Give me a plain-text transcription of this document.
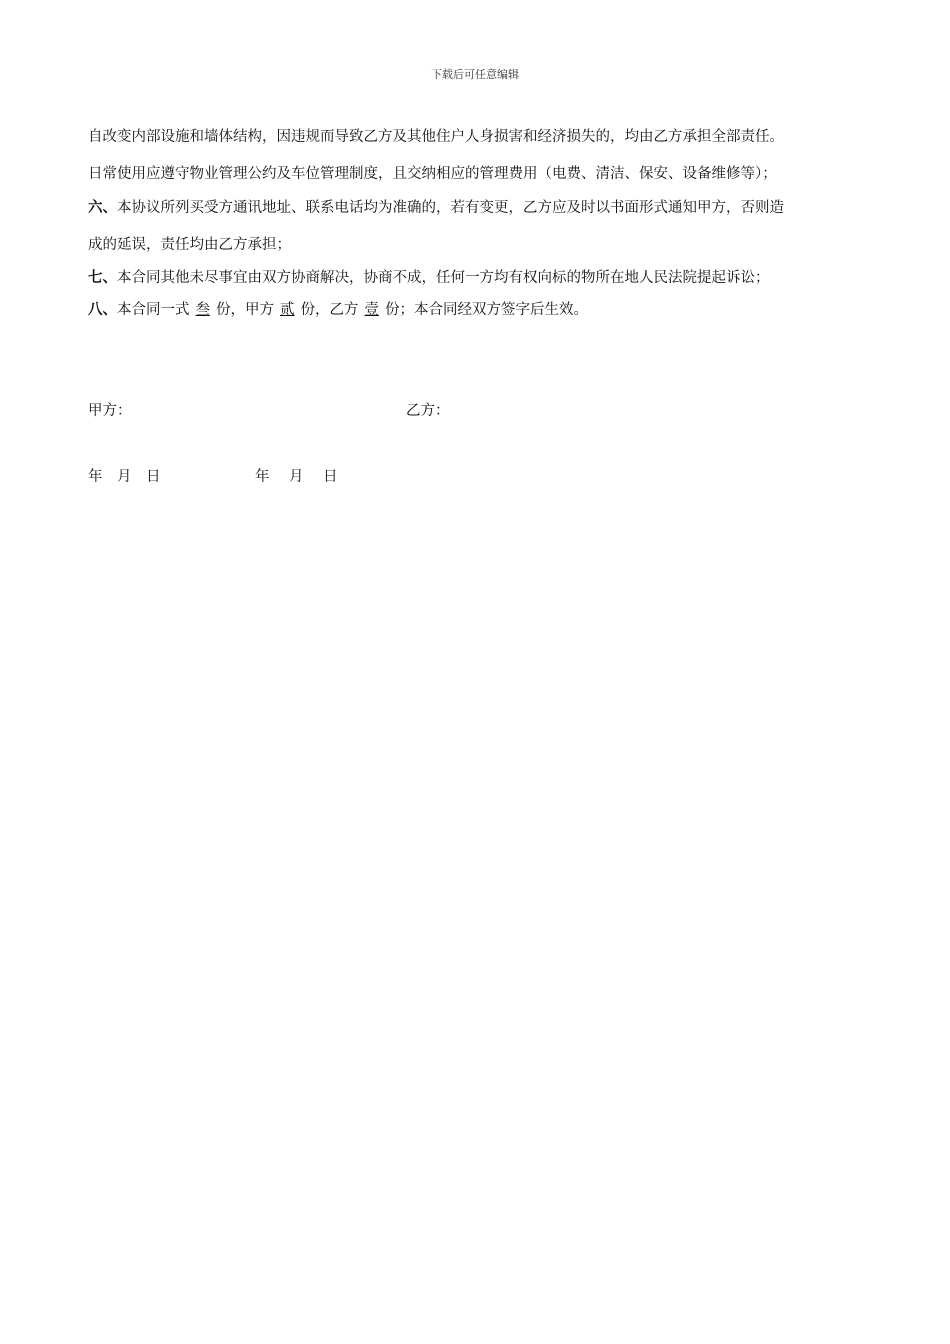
下载后可任意编辑
自改变内部设施和墙体结构，因违规而导致乙方及其他住户人身损害和经济损失的，均由乙方承担全部责任。
日常使用应遵守物业管理公约及车位管理制度，且交纳相应的管理费用（电费、清洁、保安、设备维修等）；
六、本协议所列买受方通讯地址、联系电话均为准确的，若有变更，乙方应及时以书面形式通知甲方，否则造
成的延误，责任均由乙方承担；
七、本合同其他未尽事宜由双方协商解决，协商不成，任何一方均有权向标的物所在地人民法院提起诉讼；
八、本合同一式 叁 份，甲方 贰 份，乙方 壹 份；本合同经双方签字后生效。
甲方：	乙方：
年 月 日	年 月 日
